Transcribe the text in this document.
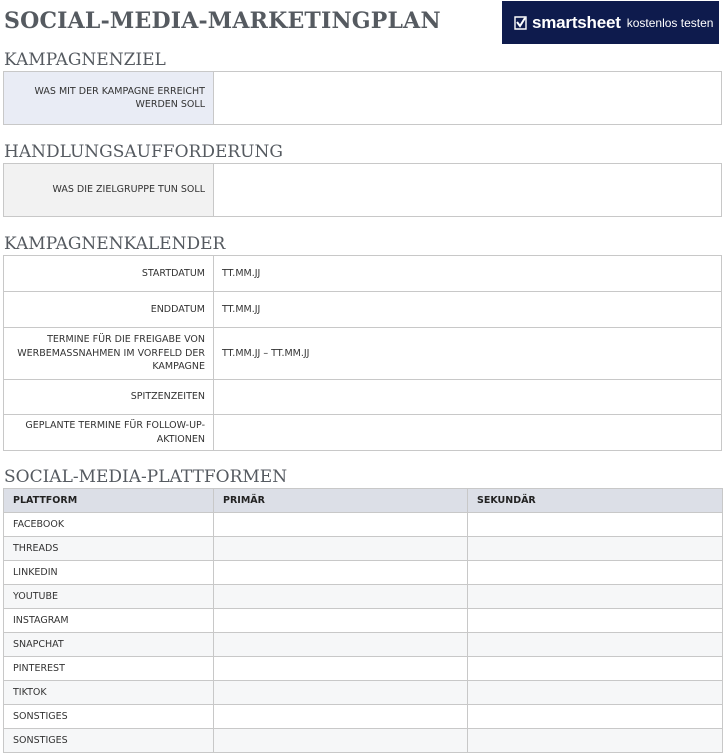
SOCIAL-MEDIA-MARKETINGPLAN	smartsheet kostenlos testen
KAMPAGNENZIEL
WAS MIT DER KAMPAGNE ERREICHT WERDEN SOLL	
HANDLUNGSAUFFORDERUNG
WAS DIE ZIELGRUPPE TUN SOLL	
KAMPAGNENKALENDER
STARTDATUM	TT.MM.JJ
ENDDATUM	TT.MM.JJ
TERMINE FÜR DIE FREIGABE VON WERBEMASSNAHMEN IM VORFELD DER KAMPAGNE	TT.MM.JJ – TT.MM.JJ
SPITZENZEITEN	
GEPLANTE TERMINE FÜR FOLLOW-UP-AKTIONEN	
SOCIAL-MEDIA-PLATTFORMEN
PLATTFORM	PRIMÄR	SEKUNDÄR
FACEBOOK		
THREADS		
LINKEDIN		
YOUTUBE		
INSTAGRAM		
SNAPCHAT		
PINTEREST		
TIKTOK		
SONSTIGES		
SONSTIGES		
